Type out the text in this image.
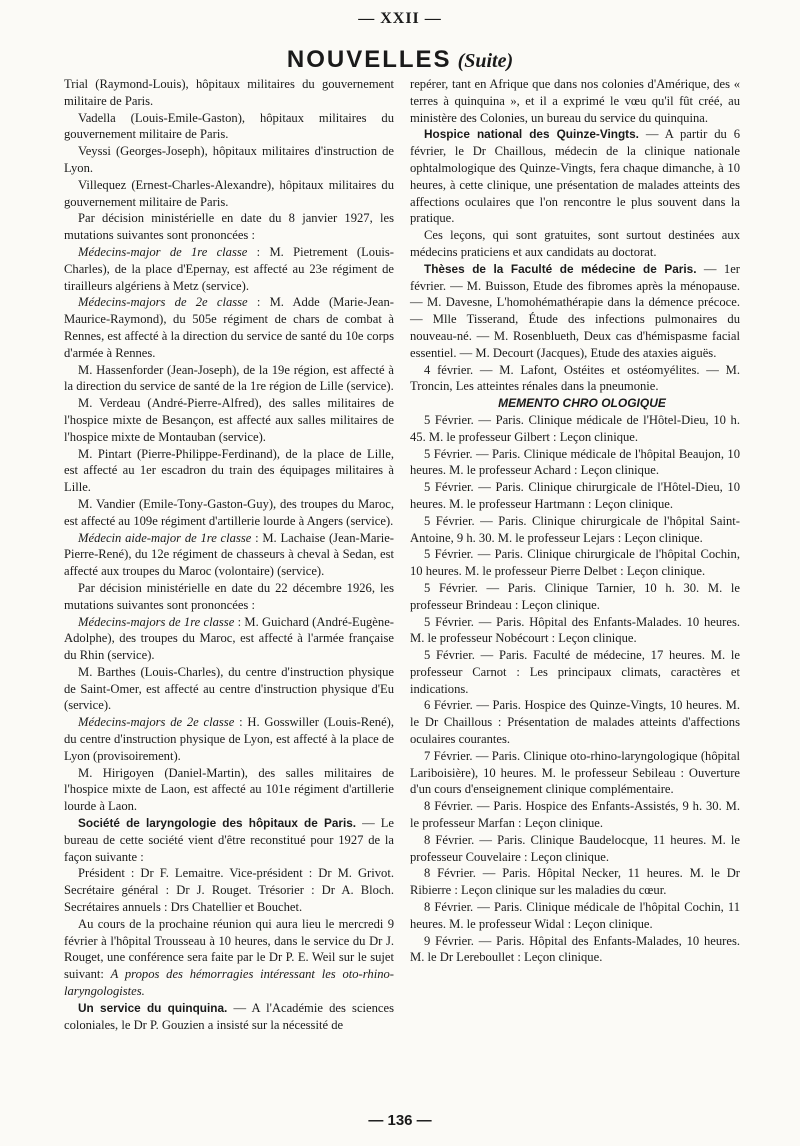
— XXII —
NOUVELLES (Suite)

Trial (Raymond-Louis), hôpitaux militaires du gouvernement militaire de Paris.

Vadella (Louis-Emile-Gaston), hôpitaux militaires du gouvernement militaire de Paris.

Veyssi (Georges-Joseph), hôpitaux militaires d'instruction de Lyon.

Villequez (Ernest-Charles-Alexandre), hôpitaux militaires du gouvernement militaire de Paris.

Par décision ministérielle en date du 8 janvier 1927, les mutations suivantes sont prononcées :

Médecins-major de 1re classe : M. Pietrement (Louis-Charles), de la place d'Epernay, est affecté au 23e régiment de tirailleurs algériens à Metz (service).

Médecins-majors de 2e classe : M. Adde (Marie-Jean-Maurice-Raymond), du 505e régiment de chars de combat à Rennes, est affecté à la direction du service de santé du 10e corps d'armée à Rennes.

M. Hassenforder (Jean-Joseph), de la 19e région, est affecté à la direction du service de santé de la 1re région de Lille (service).

M. Verdeau (André-Pierre-Alfred), des salles militaires de l'hospice mixte de Besançon, est affecté aux salles militaires de l'hospice mixte de Montauban (service).

M. Pintart (Pierre-Philippe-Ferdinand), de la place de Lille, est affecté au 1er escadron du train des équipages militaires à Lille.

M. Vandier (Emile-Tony-Gaston-Guy), des troupes du Maroc, est affecté au 109e régiment d'artillerie lourde à Angers (service).

Médecin aide-major de 1re classe : M. Lachaise (Jean-Marie-Pierre-René), du 12e régiment de chasseurs à cheval à Sedan, est affecté aux troupes du Maroc (volontaire) (service).

Par décision ministérielle en date du 22 décembre 1926, les mutations suivantes sont prononcées :

Médecins-majors de 1re classe : M. Guichard (André-Eugène-Adolphe), des troupes du Maroc, est affecté à l'armée française du Rhin (service).

M. Barthes (Louis-Charles), du centre d'instruction physique de Saint-Omer, est affecté au centre d'instruction physique d'Eu (service).

Médecins-majors de 2e classe : H. Gosswiller (Louis-René), du centre d'instruction physique de Lyon, est affecté à la place de Lyon (provisoirement).

M. Hirigoyen (Daniel-Martin), des salles militaires de l'hospice mixte de Laon, est affecté au 101e régiment d'artillerie lourde à Laon.

Société de laryngologie des hôpitaux de Paris. — Le bureau de cette société vient d'être reconstitué pour 1927 de la façon suivante :

Président : Dr F. Lemaitre. Vice-président : Dr M. Grivot. Secrétaire général : Dr J. Rouget. Trésorier : Dr A. Bloch. Secrétaires annuels : Drs Chatellier et Bouchet.

Au cours de la prochaine réunion qui aura lieu le mercredi 9 février à l'hôpital Trousseau à 10 heures, dans le service du Dr J. Rouget, une conférence sera faite par le Dr P. E. Weil sur le sujet suivant: A propos des hémorragies intéressant les oto-rhino-laryngologistes.

Un service du quinquina. — A l'Académie des sciences coloniales, le Dr P. Gouzien a insisté sur la nécessité de

repérer, tant en Afrique que dans nos colonies d'Amérique, des « terres à quinquina », et il a exprimé le vœu qu'il fût créé, au ministère des Colonies, un bureau du service du quinquina.

Hospice national des Quinze-Vingts. — A partir du 6 février, le Dr Chaillous, médecin de la clinique nationale ophtalmologique des Quinze-Vingts, fera chaque dimanche, à 10 heures, à cette clinique, une présentation de malades atteints des affections oculaires que l'on rencontre le plus souvent dans la pratique.

Ces leçons, qui sont gratuites, sont surtout destinées aux médecins praticiens et aux candidats au doctorat.

Thèses de la Faculté de médecine de Paris. — 1er février. — M. Buisson, Etude des fibromes après la ménopause. — M. Davesne, L'homohémathérapie dans la démence précoce. — Mlle Tisserand, Étude des infections pulmonaires du nouveau-né. — M. Rosenblueth, Deux cas d'hémispasme facial essentiel. — M. Decourt (Jacques), Etude des ataxies aiguës.

4 février. — M. Lafont, Ostéites et ostéomyélites. — M. Troncin, Les atteintes rénales dans la pneumonie.

MEMENTO CHRO OLOGIQUE

5 Février. — Paris. Clinique médicale de l'Hôtel-Dieu, 10 h. 45. M. le professeur Gilbert : Leçon clinique.

5 Février. — Paris. Clinique médicale de l'hôpital Beaujon, 10 heures. M. le professeur Achard : Leçon clinique.

5 Février. — Paris. Clinique chirurgicale de l'Hôtel-Dieu, 10 heures. M. le professeur Hartmann : Leçon clinique.

5 Février. — Paris. Clinique chirurgicale de l'hôpital Saint-Antoine, 9 h. 30. M. le professeur Lejars : Leçon clinique.

5 Février. — Paris. Clinique chirurgicale de l'hôpital Cochin, 10 heures. M. le professeur Pierre Delbet : Leçon clinique.

5 Février. — Paris. Clinique Tarnier, 10 h. 30. M. le professeur Brindeau : Leçon clinique.

5 Février. — Paris. Hôpital des Enfants-Malades. 10 heures. M. le professeur Nobécourt : Leçon clinique.

5 Février. — Paris. Faculté de médecine, 17 heures. M. le professeur Carnot : Les principaux climats, caractères et indications.

6 Février. — Paris. Hospice des Quinze-Vingts, 10 heures. M. le Dr Chaillous : Présentation de malades atteints d'affections oculaires courantes.

7 Février. — Paris. Clinique oto-rhino-laryngologique (hôpital Lariboisière), 10 heures. M. le professeur Sebileau : Ouverture d'un cours d'enseignement clinique complémentaire.

8 Février. — Paris. Hospice des Enfants-Assistés, 9 h. 30. M. le professeur Marfan : Leçon clinique.

8 Février. — Paris. Clinique Baudelocque, 11 heures. M. le professeur Couvelaire : Leçon clinique.

8 Février. — Paris. Hôpital Necker, 11 heures. M. le Dr Ribierre : Leçon clinique sur les maladies du cœur.

8 Février. — Paris. Clinique médicale de l'hôpital Cochin, 11 heures. M. le professeur Widal : Leçon clinique.

9 Février. — Paris. Hôpital des Enfants-Malades, 10 heures. M. le Dr Lereboullet : Leçon clinique.

— 136 —
